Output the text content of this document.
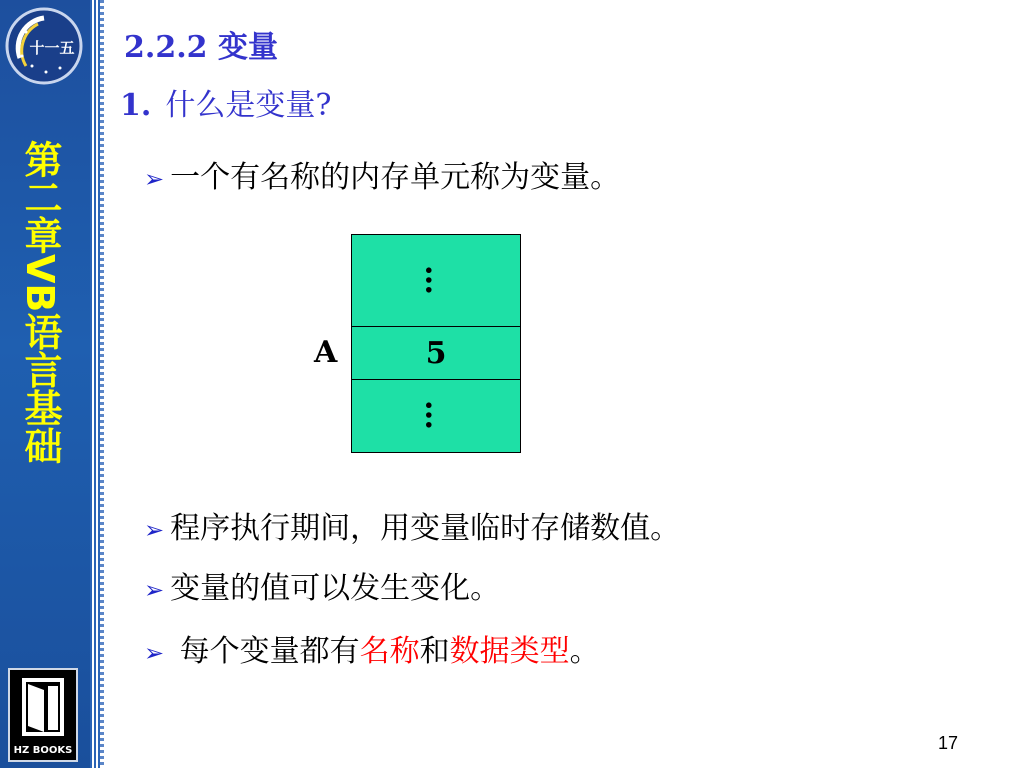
十一五
第二章VB语言基础
HZ BOOKS
2.2.2 变量
1. 什么是变量?
➢ 一个有名称的内存单元称为变量。
A
…
5
…
➢ 程序执行期间，用变量临时存储数值。
➢ 变量的值可以发生变化。
➢ 每个变量都有名称和数据类型。
17
